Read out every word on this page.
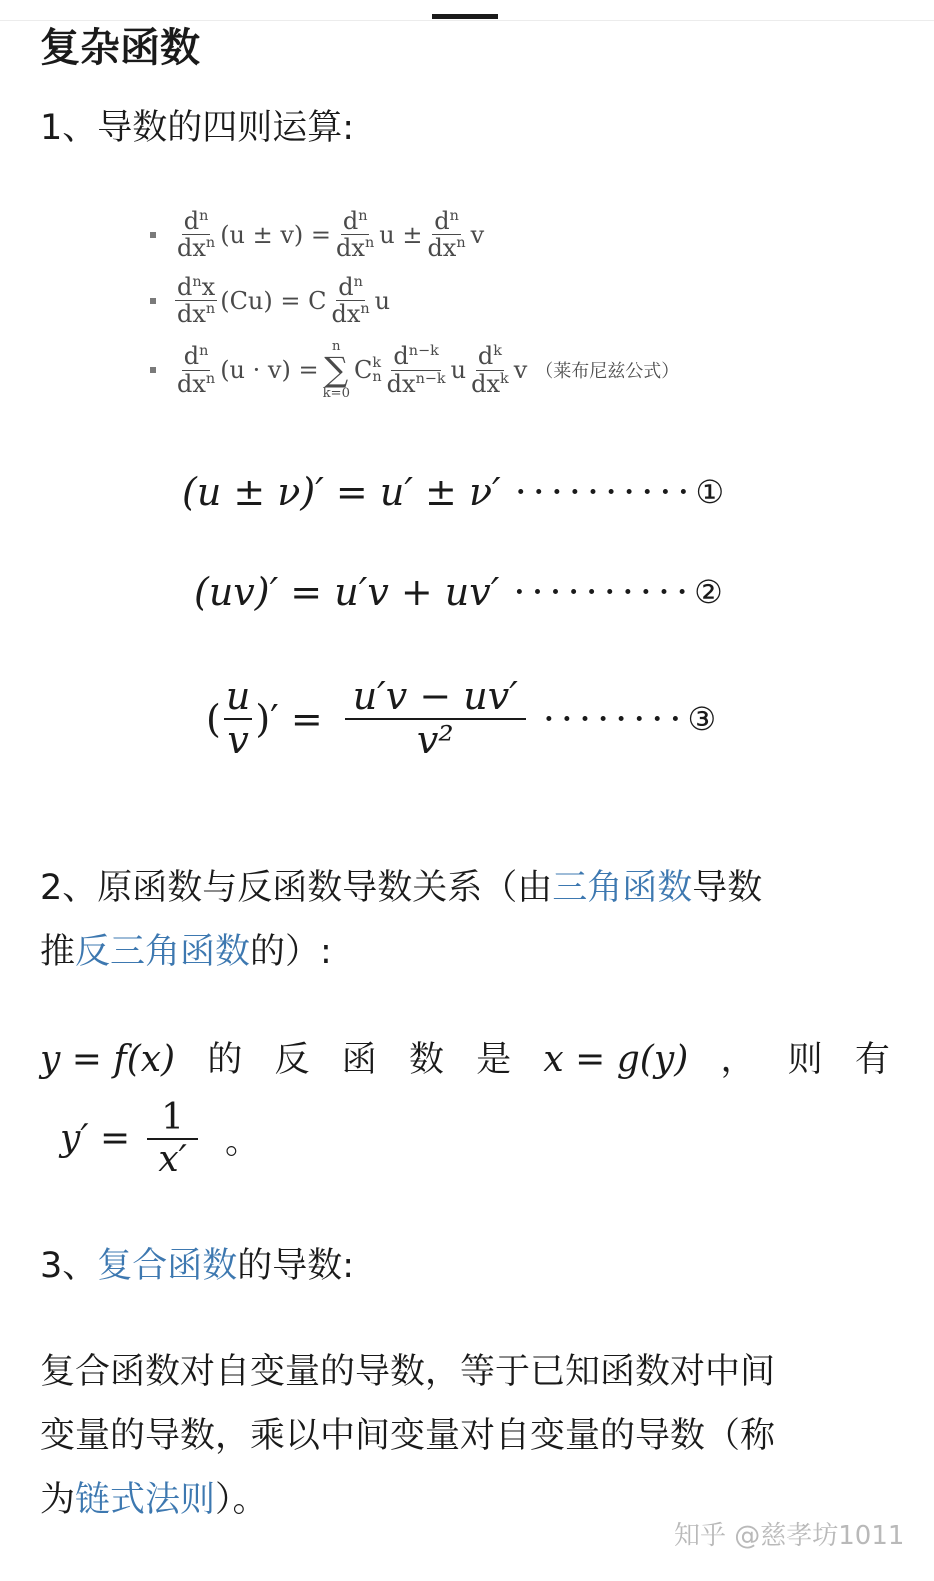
复杂函数
1、导数的四则运算:
$\frac{d^n}{dx^n} (u \pm v) = \frac{d^n}{dx^n}$ $u \pm \frac{d^n}{dx^n}$ v
$\frac{d^nx}{dx^n} (Cu) = C \frac{d^n}{dx^n}$ u
$\frac{d^n}{dx^n} (u \cdot v)$ =
n
∑
k=0
C k
n $\frac{d^{n-k}}{dx^{n-k}}$ u $\frac{d^k}{dx^k}$ v （莱布尼兹公式）
(u ± ν)′ = u′ ± ν′ ·········· ①
(uv)′ = u′v + uv′ ·········· ②
( $\frac{u}{v}$ )′ = $\frac{u'v - uv'}{\text{v²}}$ ········ ③
2、原函数与反函数导数关系（由三角函数导数
推反三角函数的）:
y = f(x) 的 反 函 数 是 x = g(y) ， 则 有
$y' = \frac{1}{x'}$ 。
3、复合函数的导数:
复合函数对自变量的导数，等于已知函数对中间
变量的导数，乘以中间变量对自变量的导数（称
为链式法则）。
知乎 @慈孝坊1011
